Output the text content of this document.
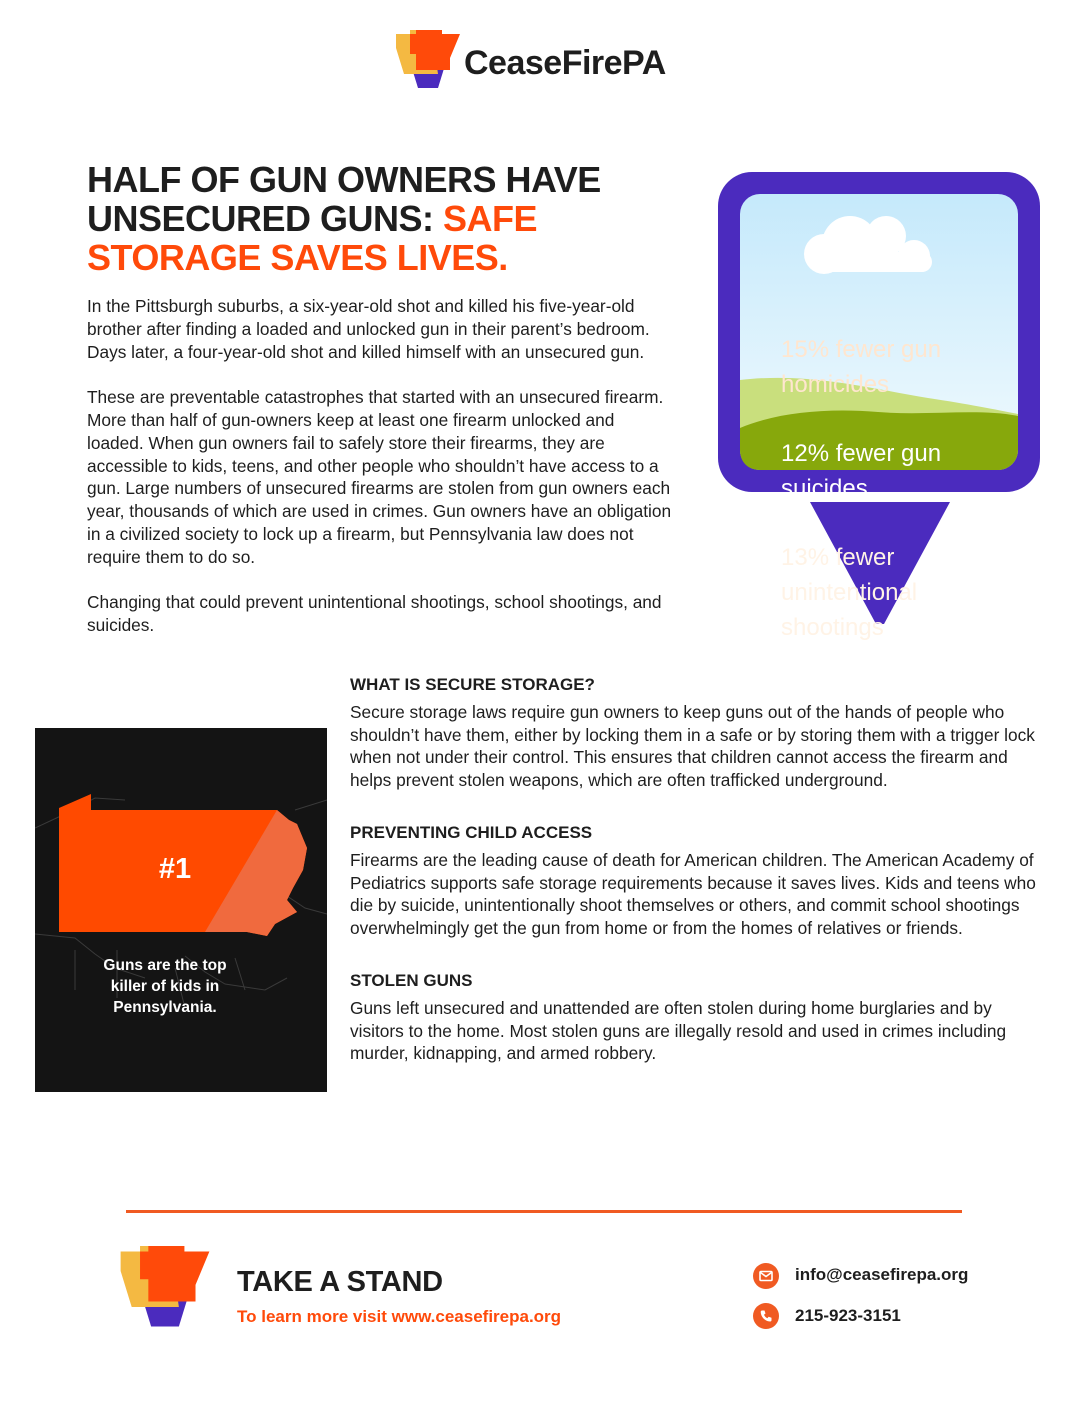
CeaseFirePA
HALF OF GUN OWNERS HAVE UNSECURED GUNS: SAFE STORAGE SAVES LIVES.

In the Pittsburgh suburbs, a six-year-old shot and killed his five-year-old brother after finding a loaded and unlocked gun in their parent’s bedroom. Days later, a four-year-old shot and killed himself with an unsecured gun.

These are preventable catastrophes that started with an unsecured firearm. More than half of gun-owners keep at least one firearm unlocked and loaded. When gun owners fail to safely store their firearms, they are accessible to kids, teens, and other people who shouldn’t have access to a gun. Large numbers of unsecured firearms are stolen from gun owners each year, thousands of which are used in crimes. Gun owners have an obligation in a civilized society to lock up a firearm, but Pennsylvania law does not require them to do so.

Changing that could prevent unintentional shootings, school shootings, and suicides.

15% fewer gun homicides
12% fewer gun suicides
13% fewer unintentional shootings
#1
Guns are the top killer of kids in Pennsylvania.
WHAT IS SECURE STORAGE?
Secure storage laws require gun owners to keep guns out of the hands of people who shouldn’t have them, either by locking them in a safe or by storing them with a trigger lock when not under their control. This ensures that children cannot access the firearm and helps prevent stolen weapons, which are often trafficked underground.
PREVENTING CHILD ACCESS
Firearms are the leading cause of death for American children. The American Academy of Pediatrics supports safe storage requirements because it saves lives. Kids and teens who die by suicide, unintentionally shoot themselves or others, and commit school shootings overwhelmingly get the gun from home or from the homes of relatives or friends.
STOLEN GUNS
Guns left unsecured and unattended are often stolen during home burglaries and by visitors to the home. Most stolen guns are illegally resold and used in crimes including murder, kidnapping, and armed robbery.
TAKE A STAND
To learn more visit www.ceasefirepa.org
info@ceasefirepa.org
215-923-3151
